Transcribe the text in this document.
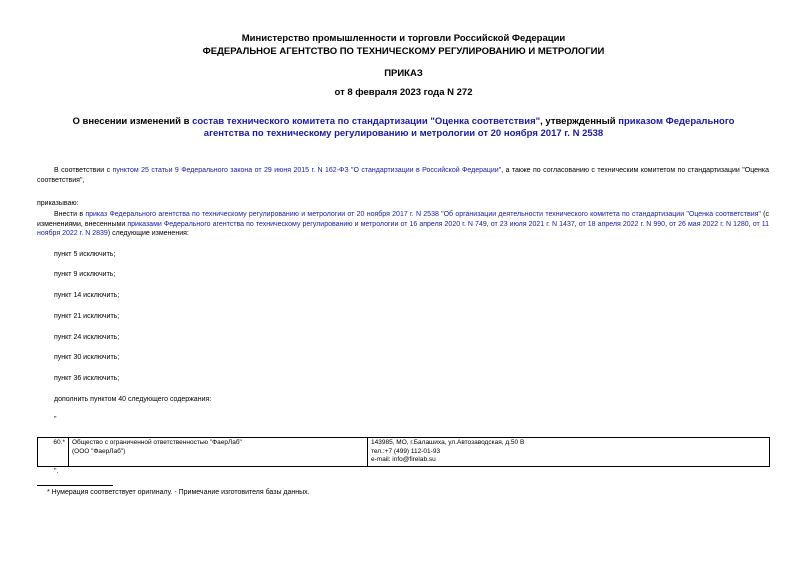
Министерство промышленности и торговли Российской Федерации
ФЕДЕРАЛЬНОЕ АГЕНТСТВО ПО ТЕХНИЧЕСКОМУ РЕГУЛИРОВАНИЮ И МЕТРОЛОГИИ
ПРИКАЗ
от 8 февраля 2023 года N 272
О внесении изменений в состав технического комитета по стандартизации "Оценка соответствия", утвержденный приказом Федерального агентства по техническому регулированию и метрологии от 20 ноября 2017 г. N 2538
В соответствии с пунктом 25 статьи 9 Федерального закона от 29 июня 2015 г. N 162-ФЗ "О стандартизации в Российской Федерации", а также по согласованию с техническим комитетом по стандартизации "Оценка соответствия",
приказываю:
Внести в приказ Федерального агентства по техническому регулированию и метрологии от 20 ноября 2017 г. N 2538 "Об организации деятельности технического комитета по стандартизации "Оценка соответствия" (с изменениями, внесенными приказами Федерального агентства по техническому регулированию и метрологии от 16 апреля 2020 г. N 749, от 23 июля 2021 г. N 1437, от 18 апреля 2022 г. N 990, от 26 мая 2022 г. N 1280, от 11 ноября 2022 г. N 2839) следующие изменения:
пункт 5 исключить;
пункт 9 исключить;
пункт 14 исключить;
пункт 21 исключить;
пункт 24 исключить;
пункт 30 исключить;
пункт 36 исключить;
дополнить пунктом 40 следующего содержания:
"
60.*	Общество с ограниченной ответственностью "ФаерЛаб"
(ООО "ФаерЛаб")

143985, МО, г.Балашиха, ул.Автозаводская, д.50 В
тел.:+7 (499) 112-01-93
e-mail: info@firelab.su
".
* Нумерация соответствует оригиналу. - Примечание изготовителя базы данных.
